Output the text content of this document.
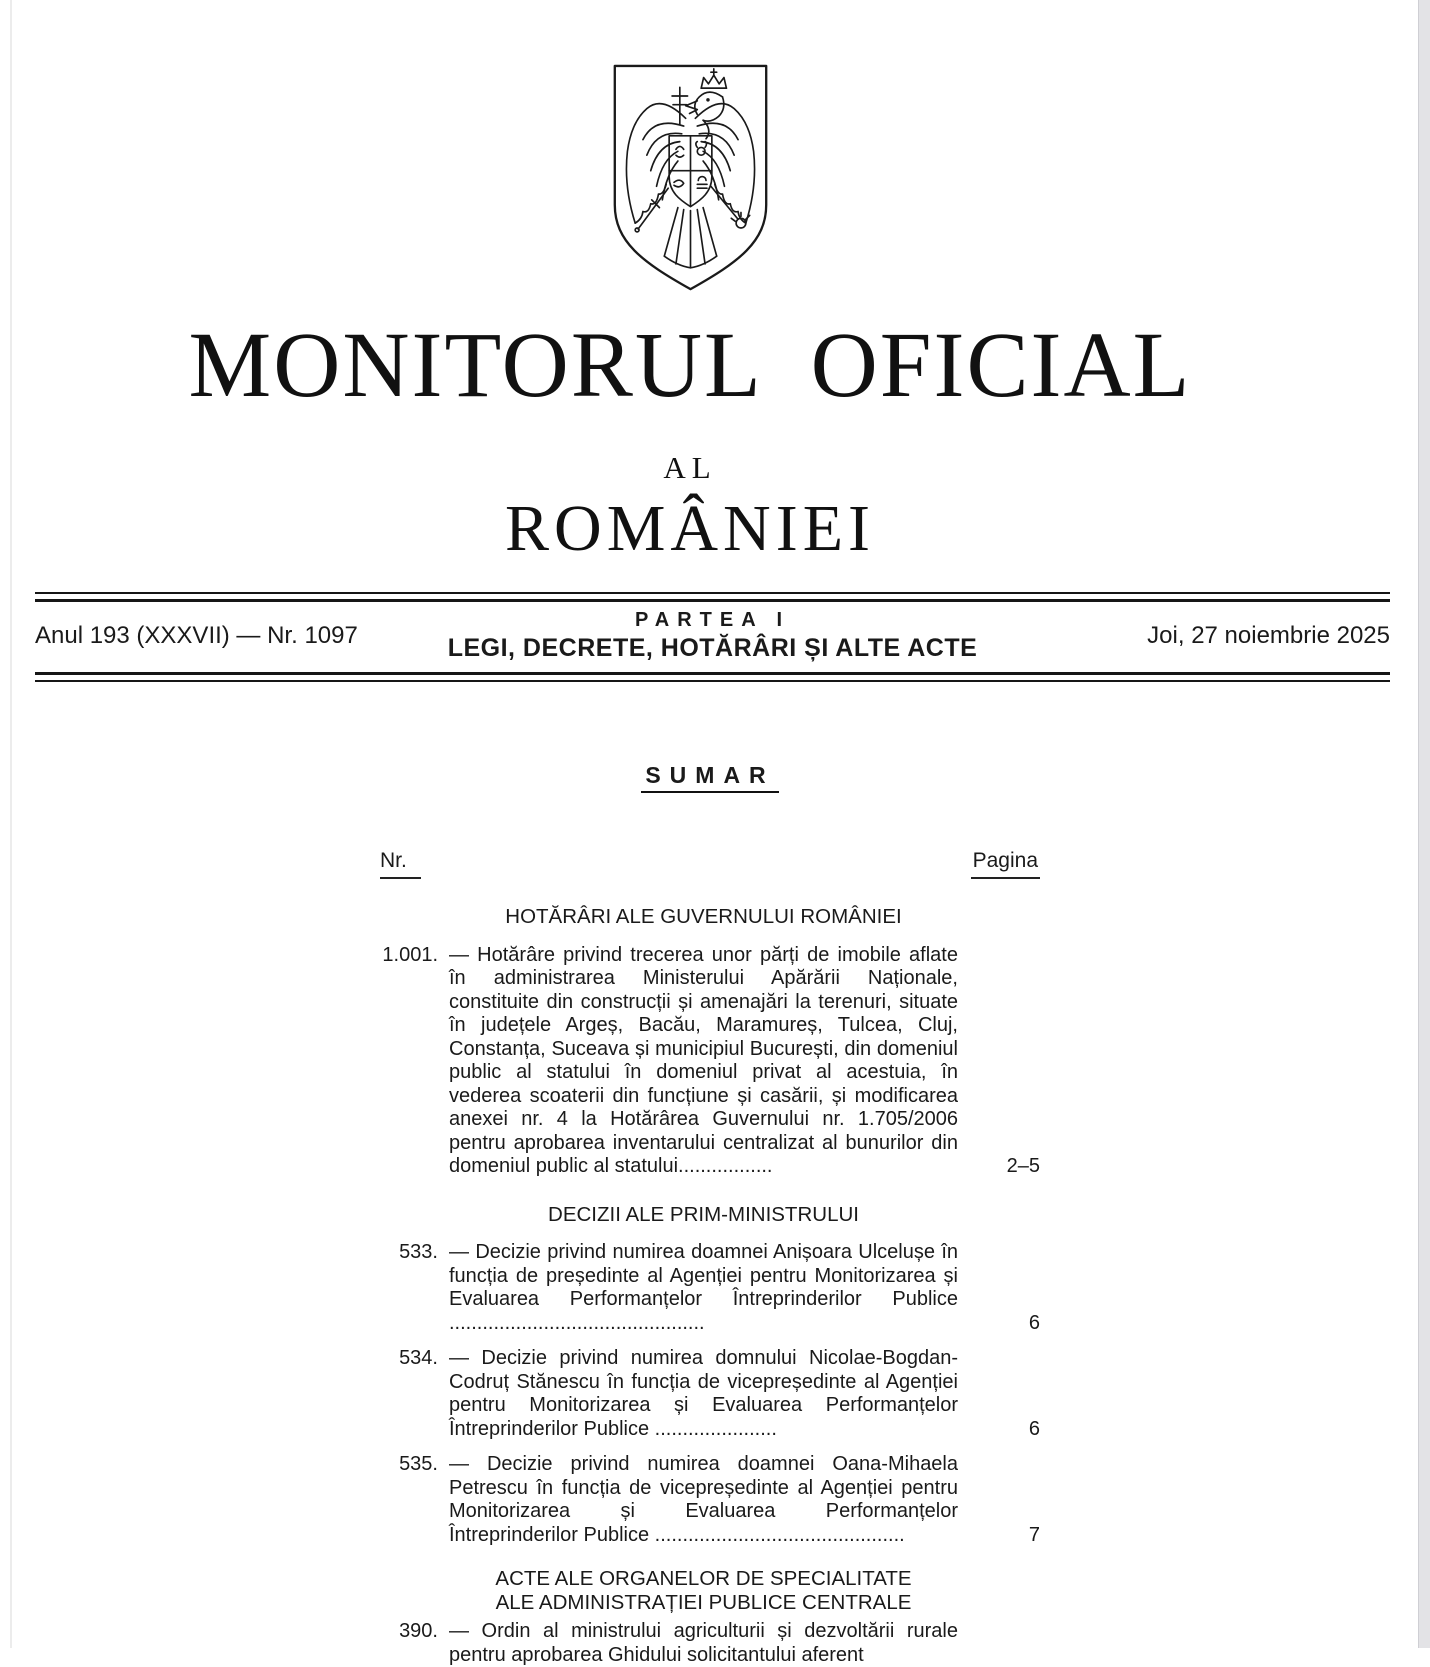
MONITORUL OFICIAL
AL
ROMÂNIEI
Anul 193 (XXXVII) — Nr. 1097
PARTEA I
LEGI, DECRETE, HOTĂRÂRI ȘI ALTE ACTE	Joi, 27 noiembrie 2025
SUMAR
Nr.	Pagina
HOTĂRÂRI ALE GUVERNULUI ROMÂNIEI
1.001. — Hotărâre privind trecerea unor părți de imobile aflate în administrarea Ministerului Apărării Naționale, constituite din construcții și amenajări la terenuri, situate în județele Argeș, Bacău, Maramureș, Tulcea, Cluj, Constanța, Suceava și municipiul București, din domeniul public al statului în domeniul privat al acestuia, în vederea scoaterii din funcțiune și casării, și modificarea anexei nr. 4 la Hotărârea Guvernului nr. 1.705/2006 pentru aprobarea inventarului centralizat al bunurilor din domeniul public al statului.................	2–5
DECIZII ALE PRIM-MINISTRULUI
533. — Decizie privind numirea doamnei Anișoara Ulcelușe în funcția de președinte al Agenției pentru Monitorizarea și Evaluarea Performanțelor Întreprinderilor Publice ..............................................	6
534. — Decizie privind numirea domnului Nicolae-Bogdan-Codruț Stănescu în funcția de vicepreședinte al Agenției pentru Monitorizarea și Evaluarea Performanțelor Întreprinderilor Publice ......................	6
535. — Decizie privind numirea doamnei Oana-Mihaela Petrescu în funcția de vicepreședinte al Agenției pentru Monitorizarea și Evaluarea Performanțelor Întreprinderilor Publice .............................................	7
ACTE ALE ORGANELOR DE SPECIALITATE
ALE ADMINISTRAȚIEI PUBLICE CENTRALE
390. — Ordin al ministrului agriculturii și dezvoltării rurale pentru aprobarea Ghidului solicitantului aferent
